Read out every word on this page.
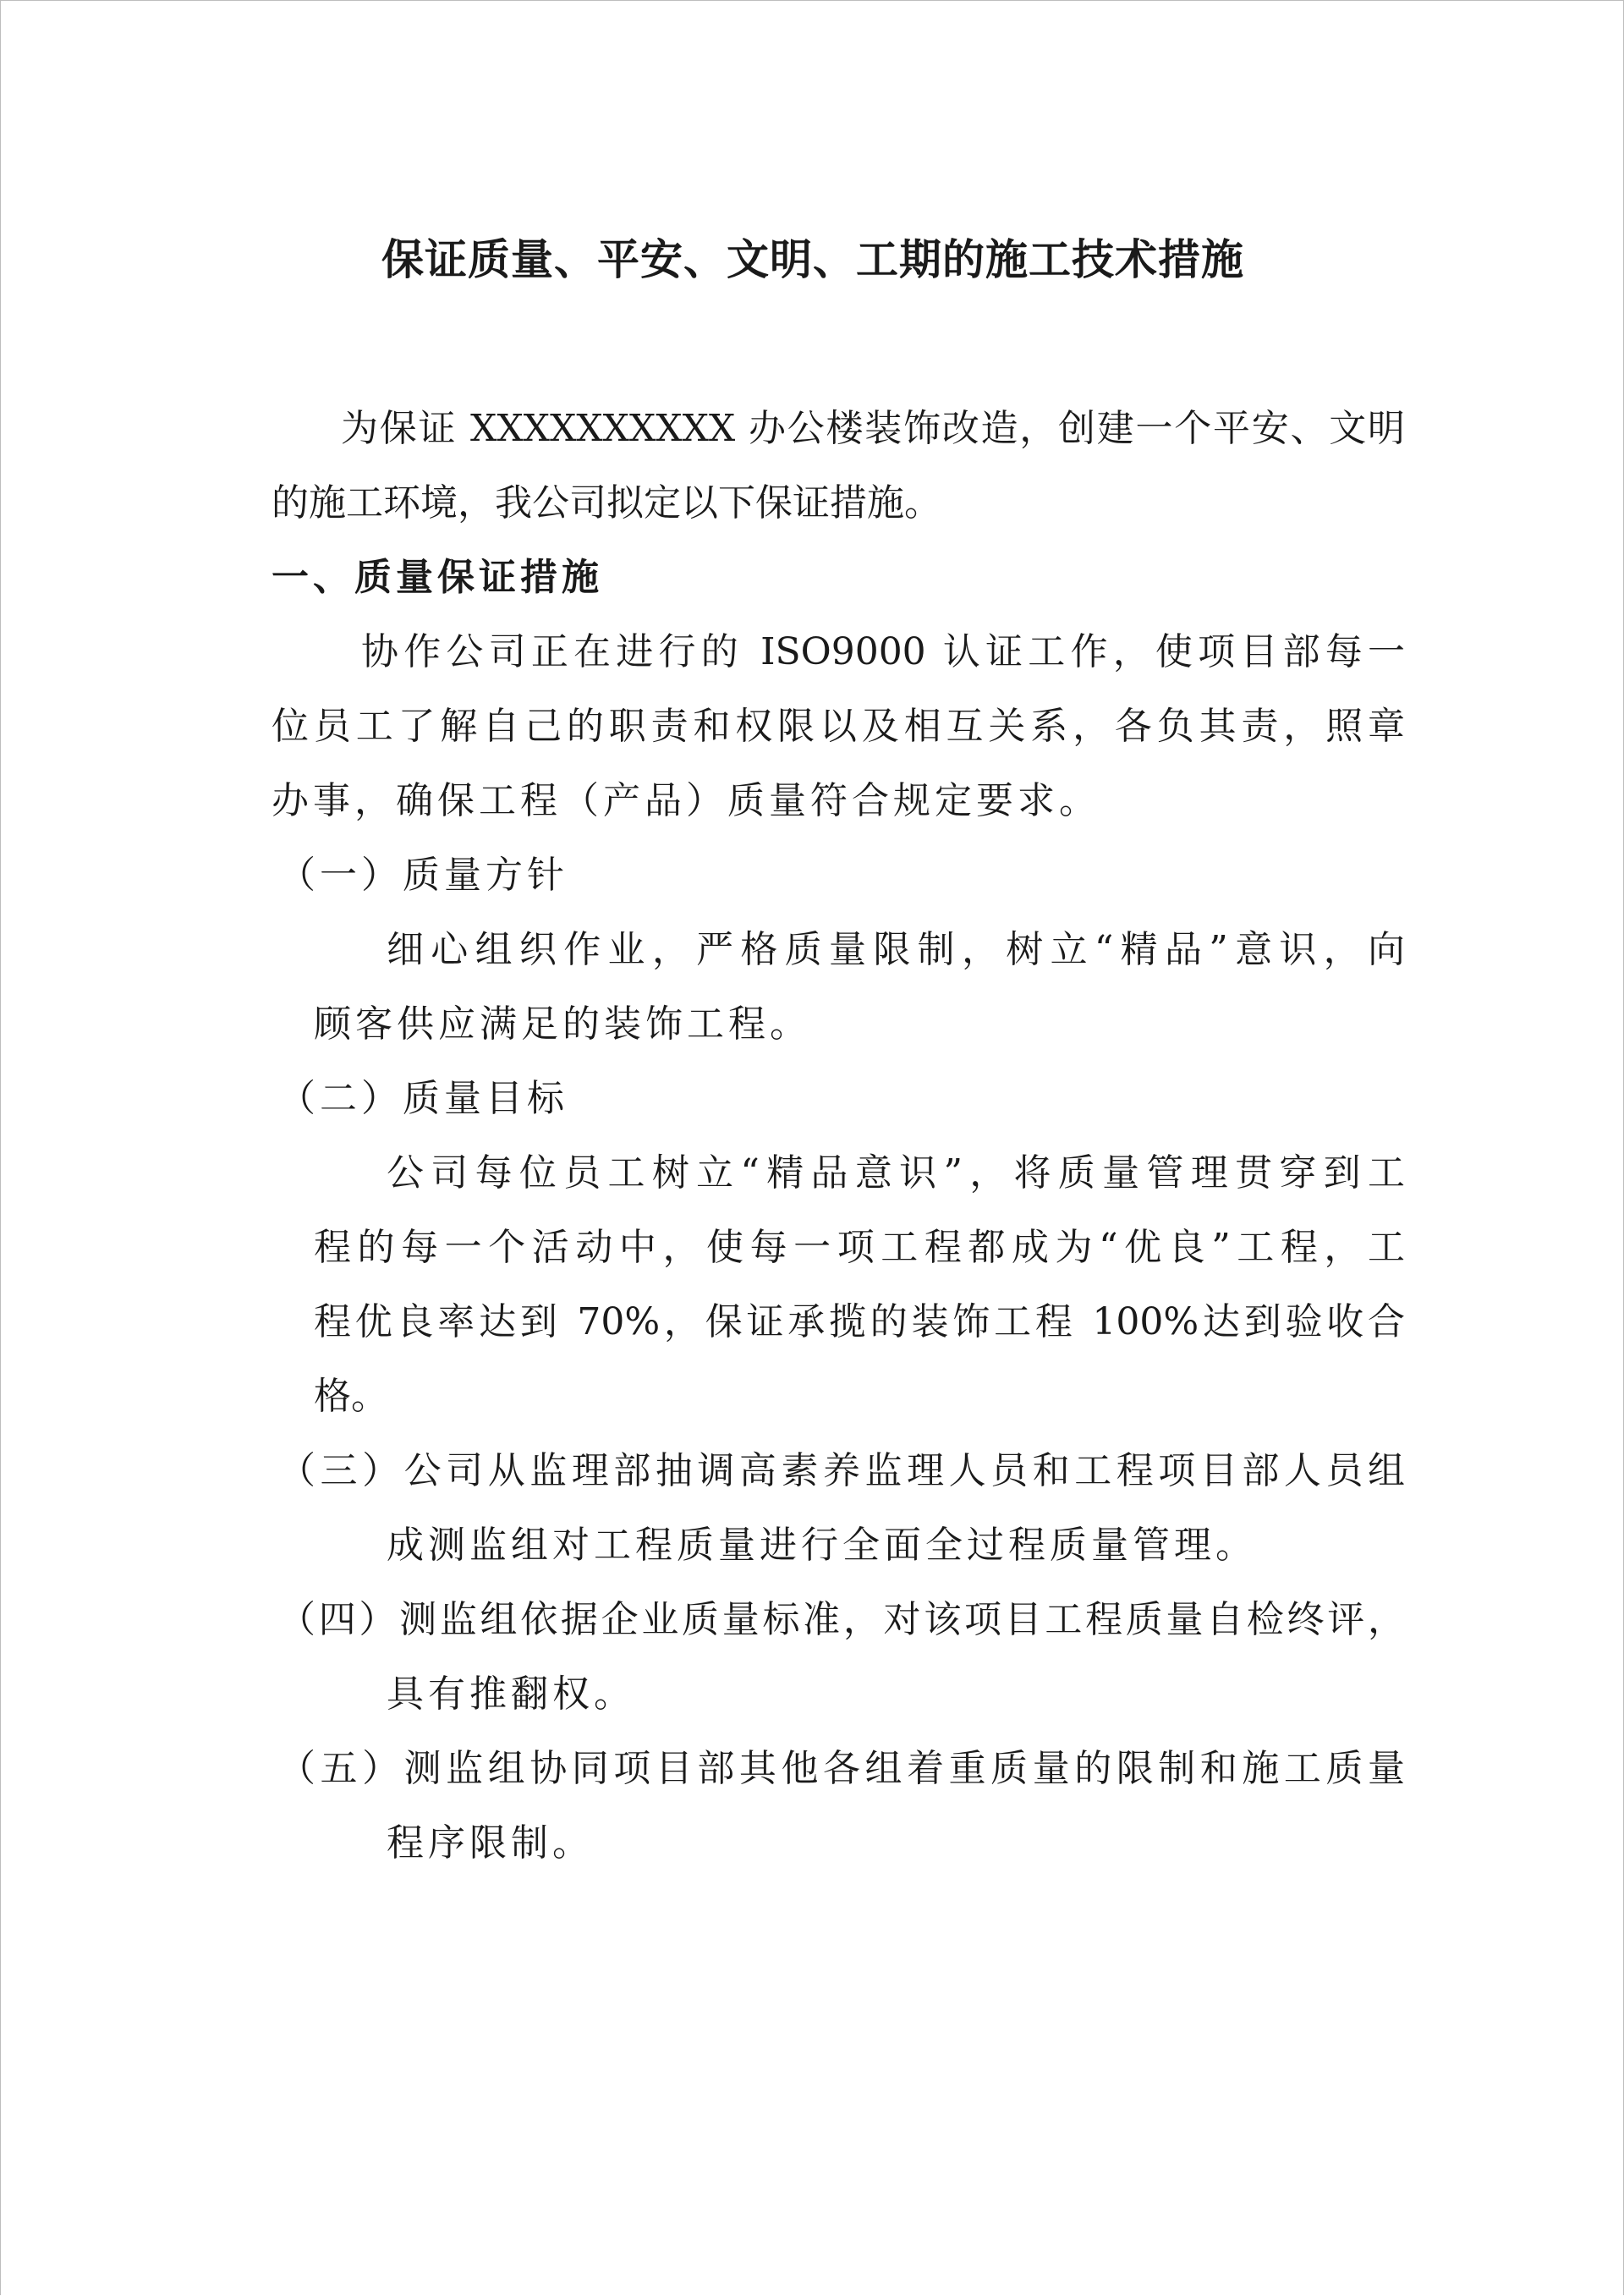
保证质量、平安、文明、工期的施工技术措施
为保证 XXXXXXXXXX 办公楼装饰改造，创建一个平安、文明
的施工环境，我公司拟定以下保证措施。
一、质量保证措施
协作公司正在进行的 ISO9000 认证工作，使项目部每一
位员工了解自己的职责和权限以及相互关系，各负其责，照章
办事，确保工程（产品）质量符合规定要求。
（一）质量方针
细心组织作业，严格质量限制，树立“精品”意识，向
顾客供应满足的装饰工程。
（二）质量目标
公司每位员工树立“精品意识”，将质量管理贯穿到工
程的每一个活动中，使每一项工程都成为“优良”工程，工
程优良率达到 70%，保证承揽的装饰工程 100%达到验收合
格。
（三）公司从监理部抽调高素养监理人员和工程项目部人员组
成测监组对工程质量进行全面全过程质量管理。
（四）测监组依据企业质量标准，对该项目工程质量自检终评，
具有推翻权。
（五）测监组协同项目部其他各组着重质量的限制和施工质量
程序限制。
